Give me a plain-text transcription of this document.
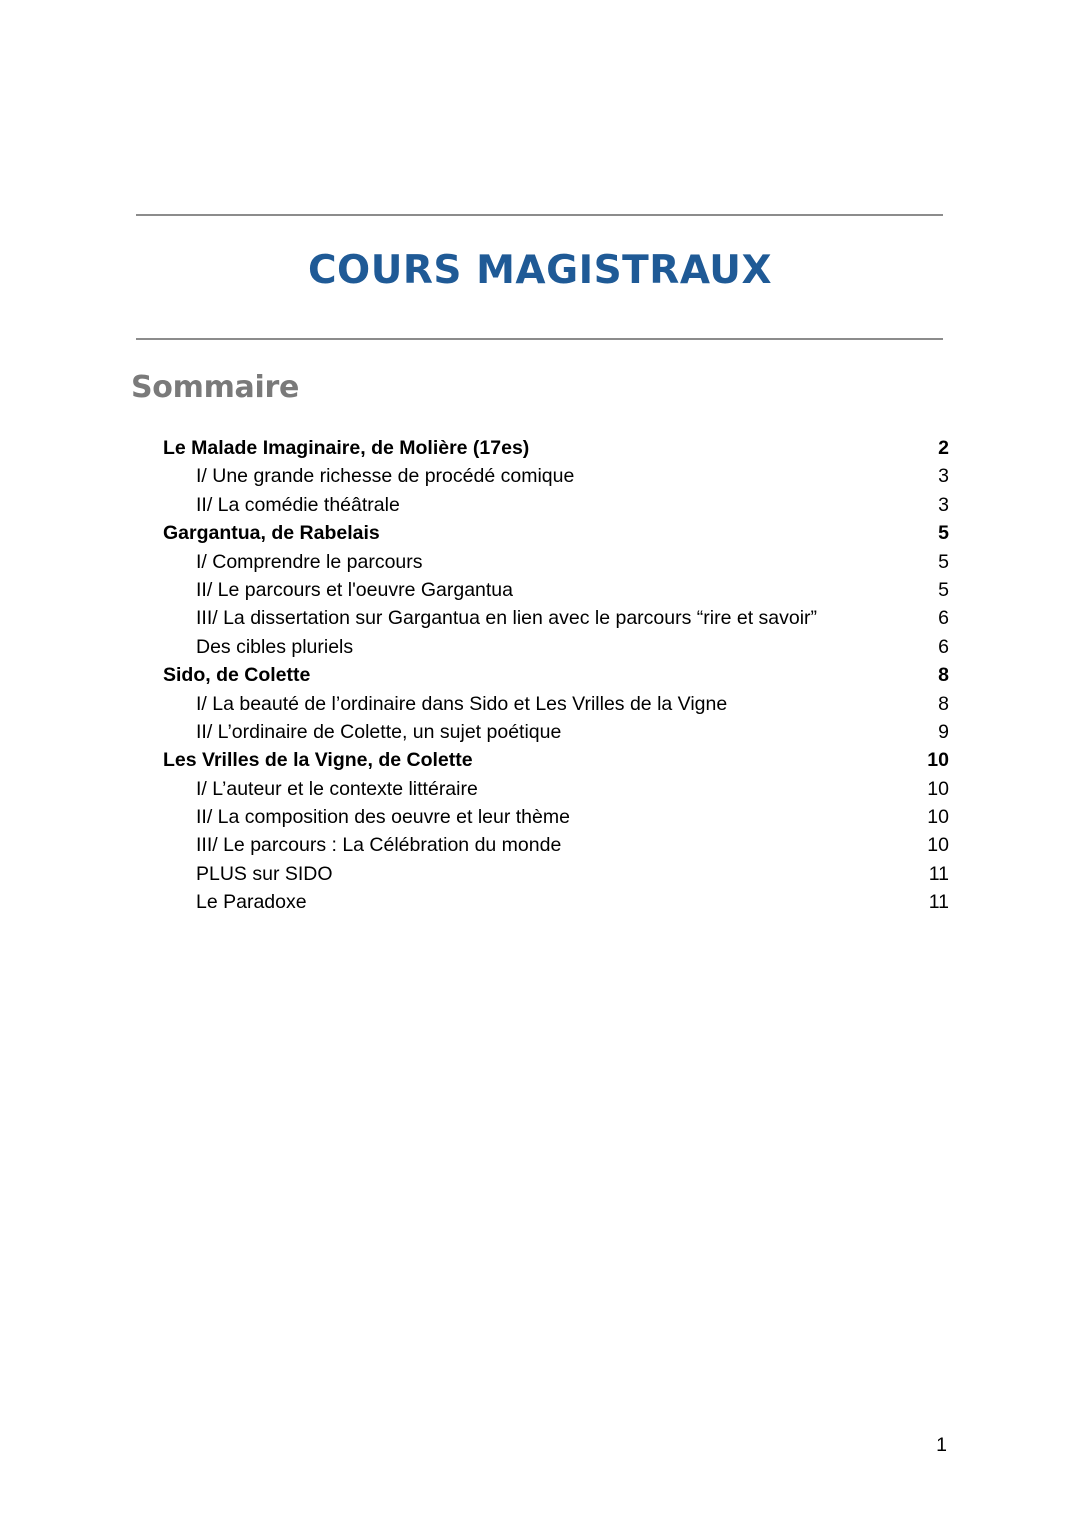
COURS MAGISTRAUX
Sommaire
Le Malade Imaginaire, de Molière (17es)	2
I/ Une grande richesse de procédé comique	3
II/ La comédie théâtrale	3
Gargantua, de Rabelais	5
I/ Comprendre le parcours	5
II/ Le parcours et l'oeuvre Gargantua	5
III/ La dissertation sur Gargantua en lien avec le parcours “rire et savoir”	6
Des cibles pluriels	6
Sido, de Colette	8
I/ La beauté de l’ordinaire dans Sido et Les Vrilles de la Vigne	8
II/ L’ordinaire de Colette, un sujet poétique	9
Les Vrilles de la Vigne, de Colette	10
I/ L’auteur et le contexte littéraire	10
II/ La composition des oeuvre et leur thème	10
III/ Le parcours : La Célébration du monde	10
PLUS sur SIDO	11
Le Paradoxe	11
1
